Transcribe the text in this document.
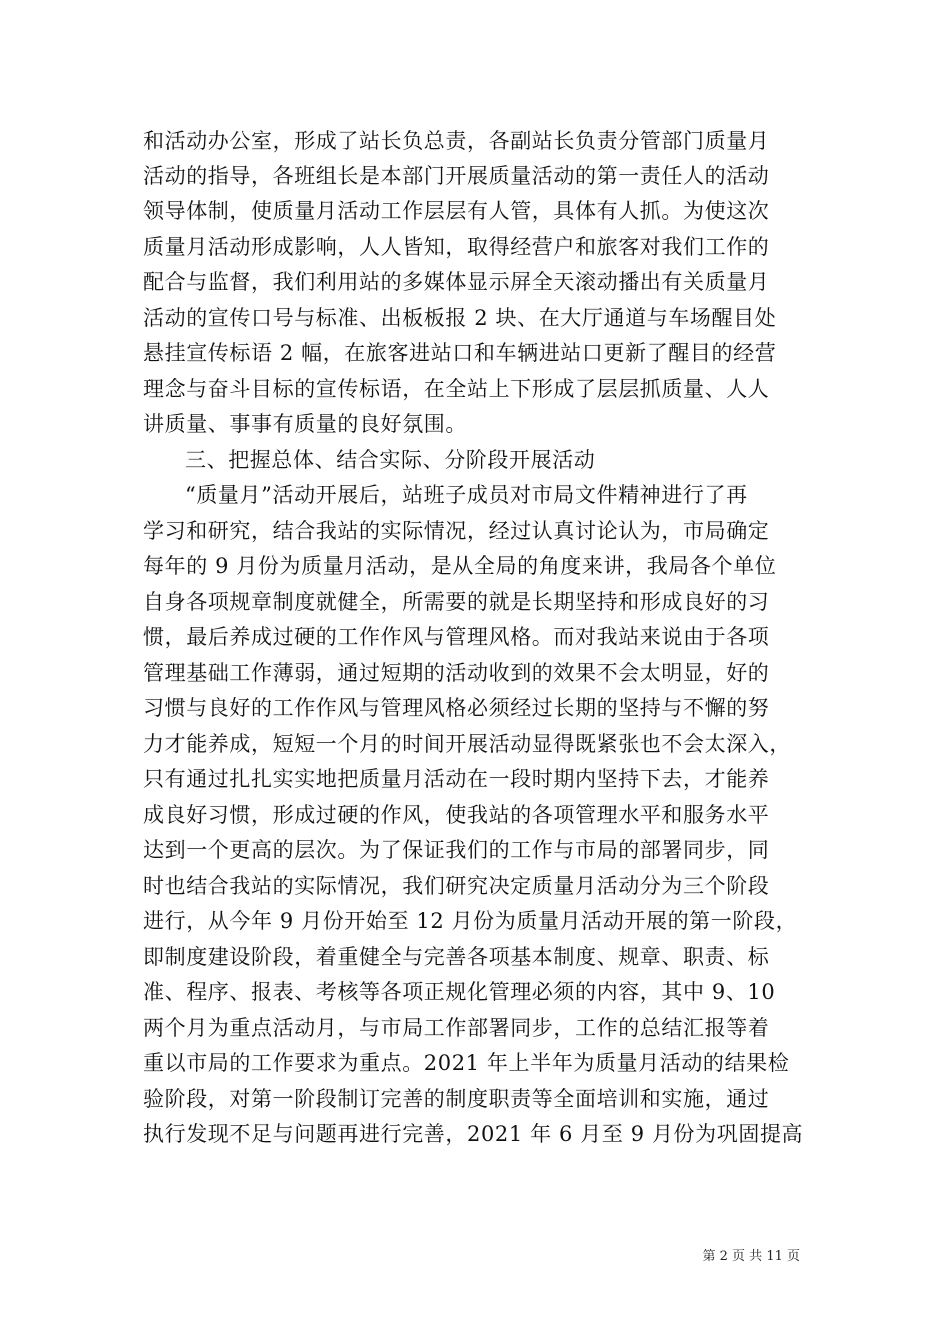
和活动办公室，形成了站长负总责，各副站长负责分管部门质量月
活动的指导，各班组长是本部门开展质量活动的第一责任人的活动
领导体制，使质量月活动工作层层有人管，具体有人抓。为使这次
质量月活动形成影响，人人皆知，取得经营户和旅客对我们工作的
配合与监督，我们利用站的多媒体显示屏全天滚动播出有关质量月
活动的宣传口号与标准、出板板报 2 块、在大厅通道与车场醒目处
悬挂宣传标语 2 幅，在旅客进站口和车辆进站口更新了醒目的经营
理念与奋斗目标的宣传标语，在全站上下形成了层层抓质量、人人
讲质量、事事有质量的良好氛围。
三、把握总体、结合实际、分阶段开展活动
“质量月”活动开展后，站班子成员对市局文件精神进行了再
学习和研究，结合我站的实际情况，经过认真讨论认为，市局确定
每年的 9 月份为质量月活动，是从全局的角度来讲，我局各个单位
自身各项规章制度就健全，所需要的就是长期坚持和形成良好的习
惯，最后养成过硬的工作作风与管理风格。而对我站来说由于各项
管理基础工作薄弱，通过短期的活动收到的效果不会太明显，好的
习惯与良好的工作作风与管理风格必须经过长期的坚持与不懈的努
力才能养成，短短一个月的时间开展活动显得既紧张也不会太深入，
只有通过扎扎实实地把质量月活动在一段时期内坚持下去，才能养
成良好习惯，形成过硬的作风，使我站的各项管理水平和服务水平
达到一个更高的层次。为了保证我们的工作与市局的部署同步，同
时也结合我站的实际情况，我们研究决定质量月活动分为三个阶段
进行，从今年 9 月份开始至 12 月份为质量月活动开展的第一阶段，
即制度建设阶段，着重健全与完善各项基本制度、规章、职责、标
准、程序、报表、考核等各项正规化管理必须的内容，其中 9、10
两个月为重点活动月，与市局工作部署同步，工作的总结汇报等着
重以市局的工作要求为重点。2021 年上半年为质量月活动的结果检
验阶段，对第一阶段制订完善的制度职责等全面培训和实施，通过
执行发现不足与问题再进行完善，2021 年 6 月至 9 月份为巩固提高
第 2 页 共 11 页
